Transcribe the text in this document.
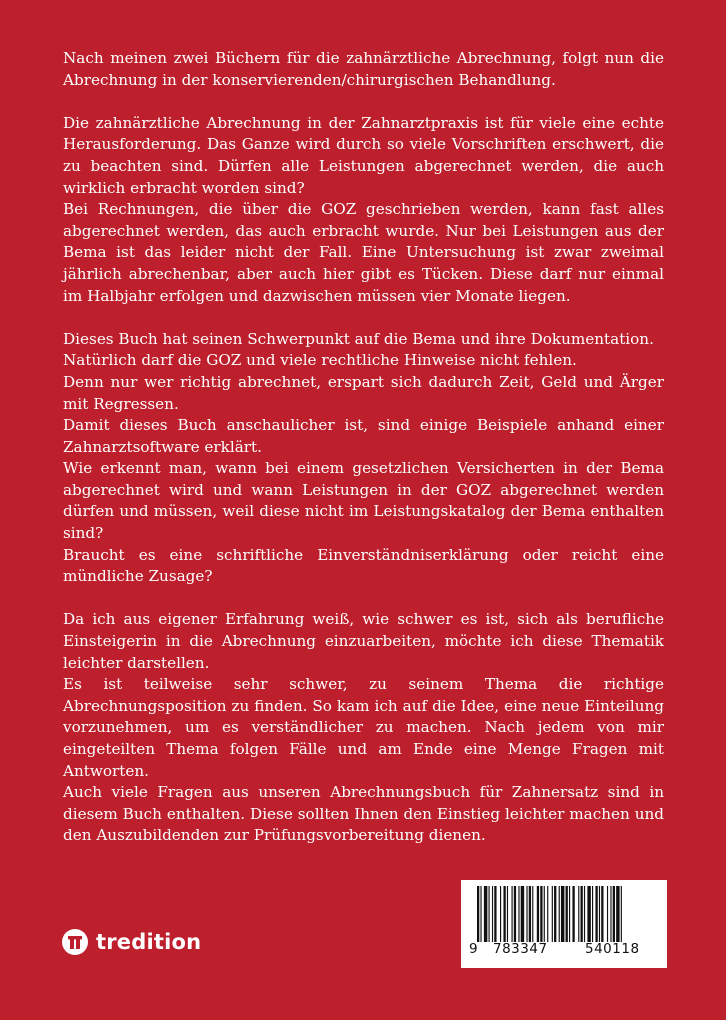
Nach meinen zwei Büchern für die zahnärztliche Abrechnung, folgt nun die Abrechnung in der konservierenden/chirurgischen Behandlung.

Die zahnärztliche Abrechnung in der Zahnarztpraxis ist für viele eine echte Herausforderung. Das Ganze wird durch so viele Vorschriften erschwert, die zu beachten sind. Dürfen alle Leistungen abgerechnet werden, die auch wirklich erbracht worden sind?

Bei Rechnungen, die über die GOZ geschrieben werden, kann fast alles abgerechnet werden, das auch erbracht wurde. Nur bei Leistungen aus der Bema ist das leider nicht der Fall. Eine Untersuchung ist zwar zweimal jährlich abrechenbar, aber auch hier gibt es Tücken. Diese darf nur einmal im Halbjahr erfolgen und dazwischen müssen vier Monate liegen.

Dieses Buch hat seinen Schwerpunkt auf die Bema und ihre Dokumentation.

Natürlich darf die GOZ und viele rechtliche Hinweise nicht fehlen.

Denn nur wer richtig abrechnet, erspart sich dadurch Zeit, Geld und Ärger mit Regressen.

Damit dieses Buch anschaulicher ist, sind einige Beispiele anhand einer Zahnarztsoftware erklärt.

Wie erkennt man, wann bei einem gesetzlichen Versicherten in der Bema abgerechnet wird und wann Leistungen in der GOZ abgerechnet werden dürfen und müssen, weil diese nicht im Leistungskatalog der Bema enthalten sind?

Braucht es eine schriftliche Einverständniserklärung oder reicht eine mündliche Zusage?

Da ich aus eigener Erfahrung weiß, wie schwer es ist, sich als berufliche Einsteigerin in die Abrechnung einzuarbeiten, möchte ich diese Thematik leichter darstellen.

Es ist teilweise sehr schwer, zu seinem Thema die richtige Abrechnungsposition zu finden. So kam ich auf die Idee, eine neue Einteilung vorzunehmen, um es verständlicher zu machen. Nach jedem von mir eingeteilten Thema folgen Fälle und am Ende eine Menge Fragen mit Antworten.

Auch viele Fragen aus unseren Abrechnungsbuch für Zahnersatz sind in diesem Buch enthalten. Diese sollten Ihnen den Einstieg leichter machen und den Auszubildenden zur Prüfungsvorbereitung dienen.

9 783347	540118
tredition
